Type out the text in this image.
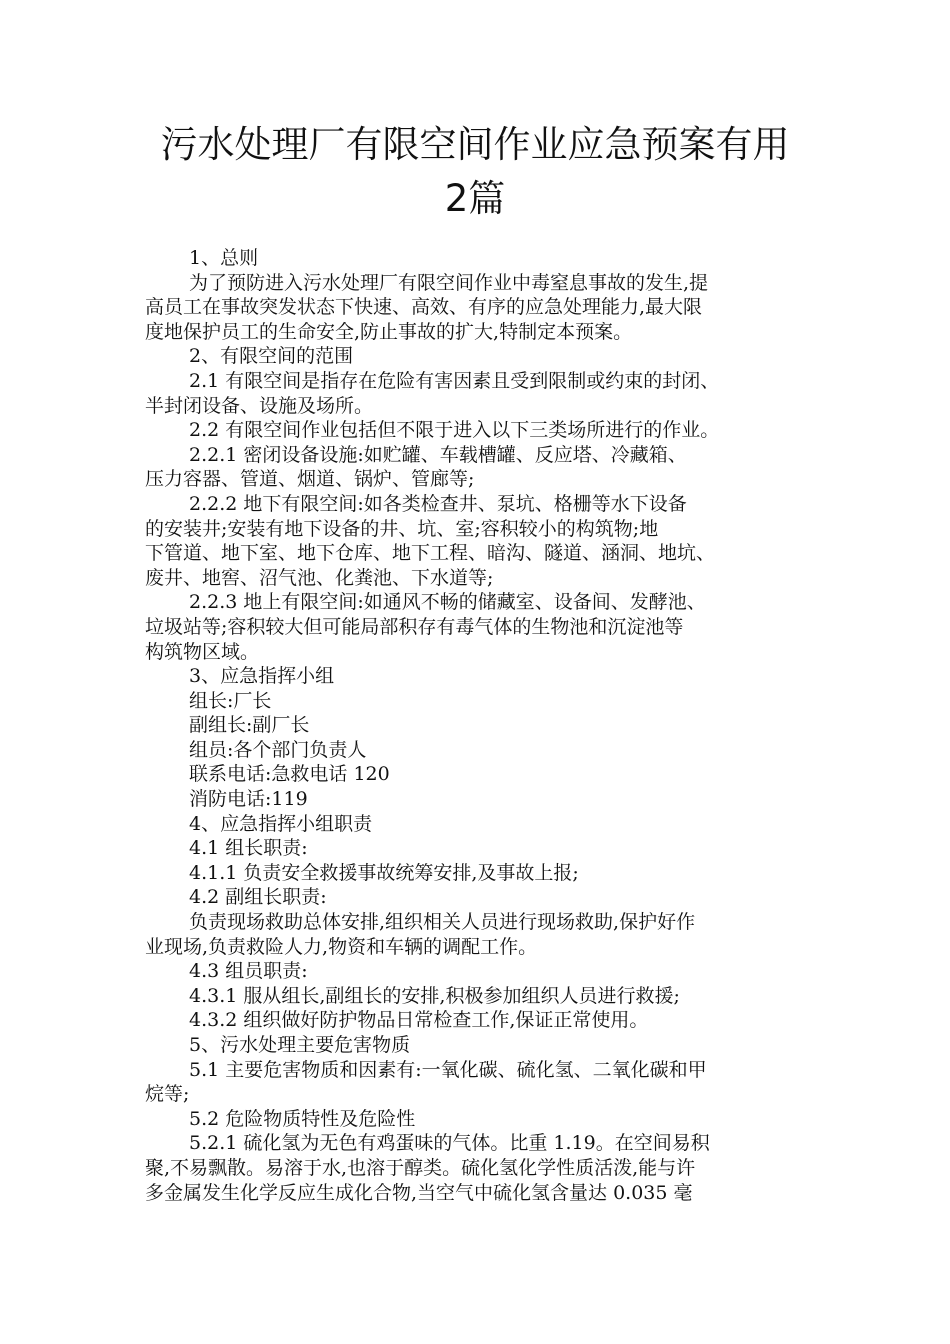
污水处理厂有限空间作业应急预案有用
2篇
1、总则
为了预防进入污水处理厂有限空间作业中毒窒息事故的发生,提
高员工在事故突发状态下快速、高效、有序的应急处理能力,最大限
度地保护员工的生命安全,防止事故的扩大,特制定本预案。
2、有限空间的范围
2.1 有限空间是指存在危险有害因素且受到限制或约束的封闭、
半封闭设备、设施及场所。
2.2 有限空间作业包括但不限于进入以下三类场所进行的作业。
2.2.1 密闭设备设施:如贮罐、车载槽罐、反应塔、冷藏箱、
压力容器、管道、烟道、锅炉、管廊等;
2.2.2 地下有限空间:如各类检查井、泵坑、格栅等水下设备
的安装井;安装有地下设备的井、坑、室;容积较小的构筑物;地
下管道、地下室、地下仓库、地下工程、暗沟、隧道、涵洞、地坑、
废井、地窖、沼气池、化粪池、下水道等;
2.2.3 地上有限空间:如通风不畅的储藏室、设备间、发酵池、
垃圾站等;容积较大但可能局部积存有毒气体的生物池和沉淀池等
构筑物区域。
3、应急指挥小组
组长:厂长
副组长:副厂长
组员:各个部门负责人
联系电话:急救电话 120
消防电话:119
4、应急指挥小组职责
4.1 组长职责:
4.1.1 负责安全救援事故统筹安排,及事故上报;
4.2 副组长职责:
负责现场救助总体安排,组织相关人员进行现场救助,保护好作
业现场,负责救险人力,物资和车辆的调配工作。
4.3 组员职责:
4.3.1 服从组长,副组长的安排,积极参加组织人员进行救援;
4.3.2 组织做好防护物品日常检查工作,保证正常使用。
5、污水处理主要危害物质
5.1 主要危害物质和因素有:一氧化碳、硫化氢、二氧化碳和甲
烷等;
5.2 危险物质特性及危险性
5.2.1 硫化氢为无色有鸡蛋味的气体。比重 1.19。在空间易积
聚,不易飘散。易溶于水,也溶于醇类。硫化氢化学性质活泼,能与许
多金属发生化学反应生成化合物,当空气中硫化氢含量达 0.035 毫
